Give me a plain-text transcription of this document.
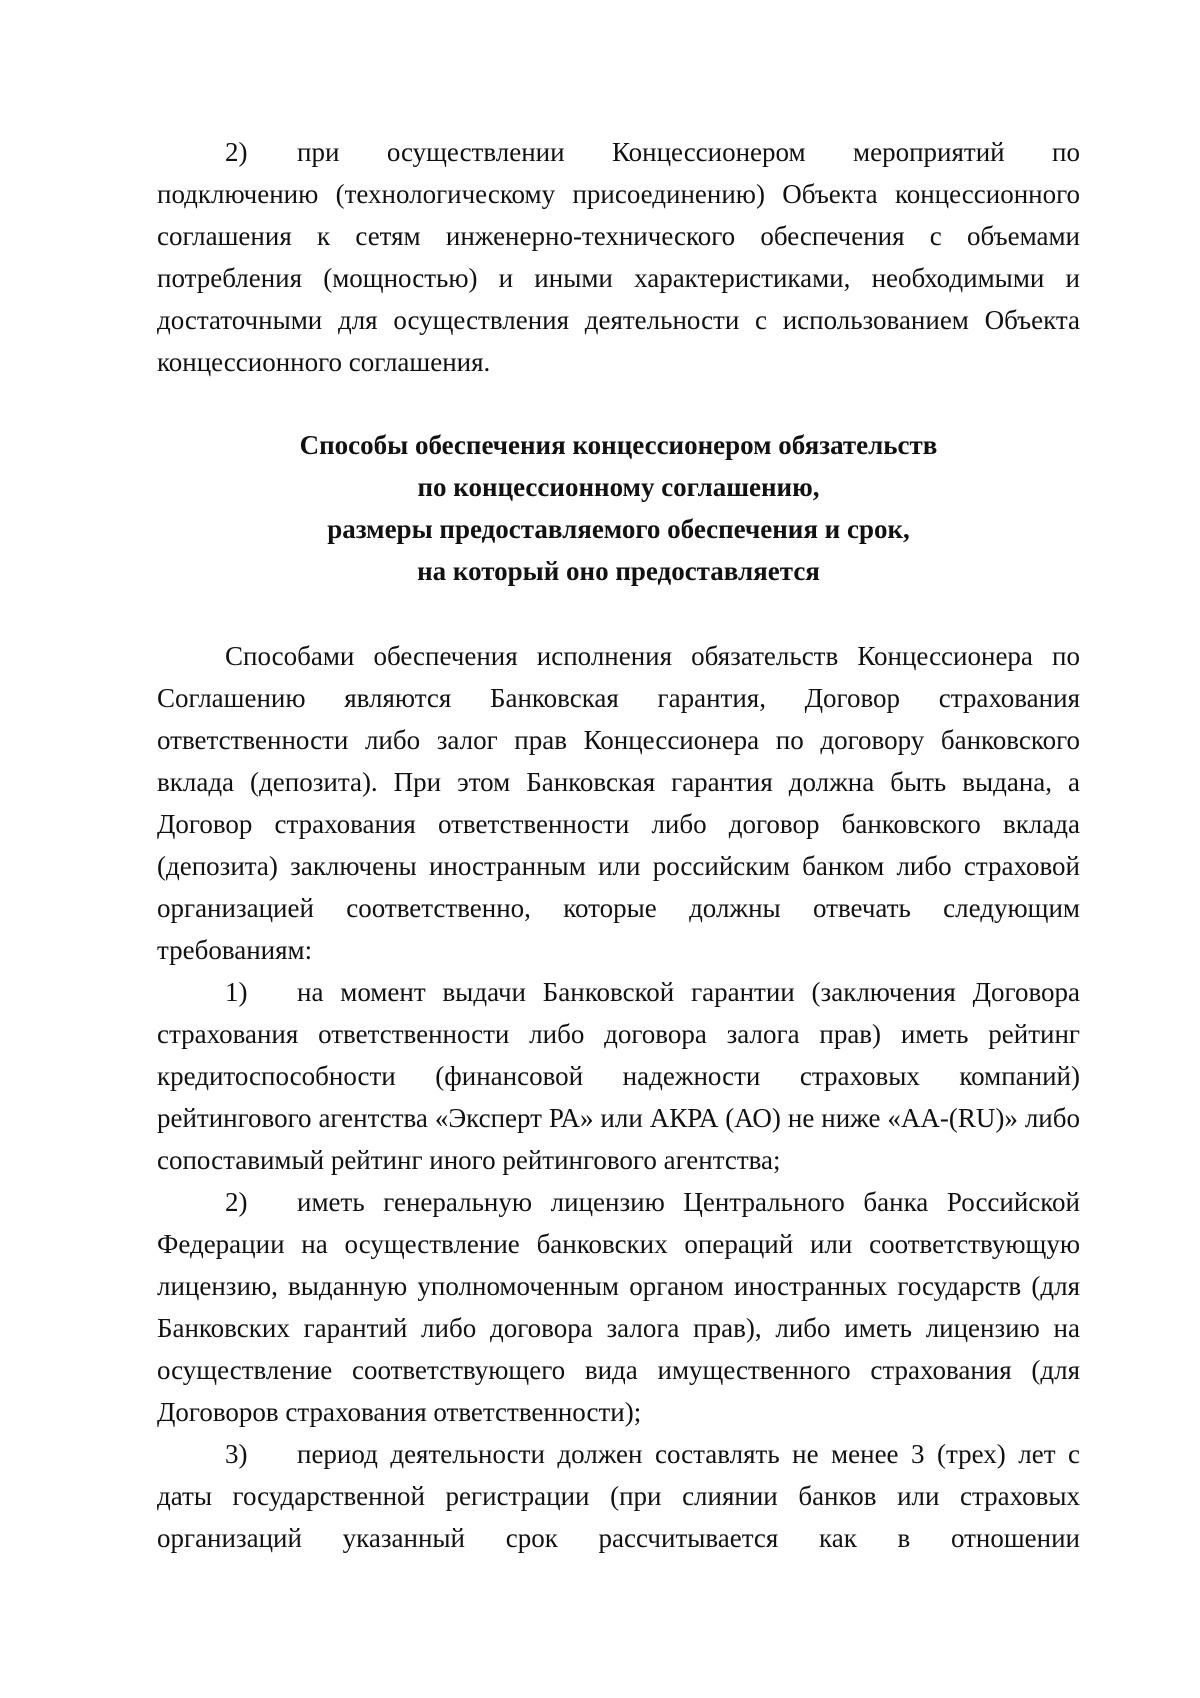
2) при осуществлении Концессионером мероприятий по подключению (технологическому присоединению) Объекта концессионного соглашения к сетям инженерно-технического обеспечения с объемами потребления (мощностью) и иными характеристиками, необходимыми и достаточными для осуществления деятельности с использованием Объекта концессионного соглашения.

Способы обеспечения концессионером обязательств
по концессионному соглашению,
размеры предоставляемого обеспечения и срок,
на который оно предоставляется

Способами обеспечения исполнения обязательств Концессионера по Соглашению являются Банковская гарантия, Договор страхования ответственности либо залог прав Концессионера по договору банковского вклада (депозита). При этом Банковская гарантия должна быть выдана, а Договор страхования ответственности либо договор банковского вклада (депозита) заключены иностранным или российским банком либо страховой организацией соответственно, которые должны отвечать следующим требованиям:

1) на момент выдачи Банковской гарантии (заключения Договора страхования ответственности либо договора залога прав) иметь рейтинг кредитоспособности (финансовой надежности страховых компаний) рейтингового агентства «Эксперт РА» или АКРА (АО) не ниже «AA-(RU)» либо сопоставимый рейтинг иного рейтингового агентства;

2) иметь генеральную лицензию Центрального банка Российской Федерации на осуществление банковских операций или соответствующую лицензию, выданную уполномоченным органом иностранных государств (для Банковских гарантий либо договора залога прав), либо иметь лицензию на осуществление соответствующего вида имущественного страхования (для Договоров страхования ответственности);

3) период деятельности должен составлять не менее 3 (трех) лет с даты государственной регистрации (при слиянии банков или страховых организаций указанный срок рассчитывается как в отношении
